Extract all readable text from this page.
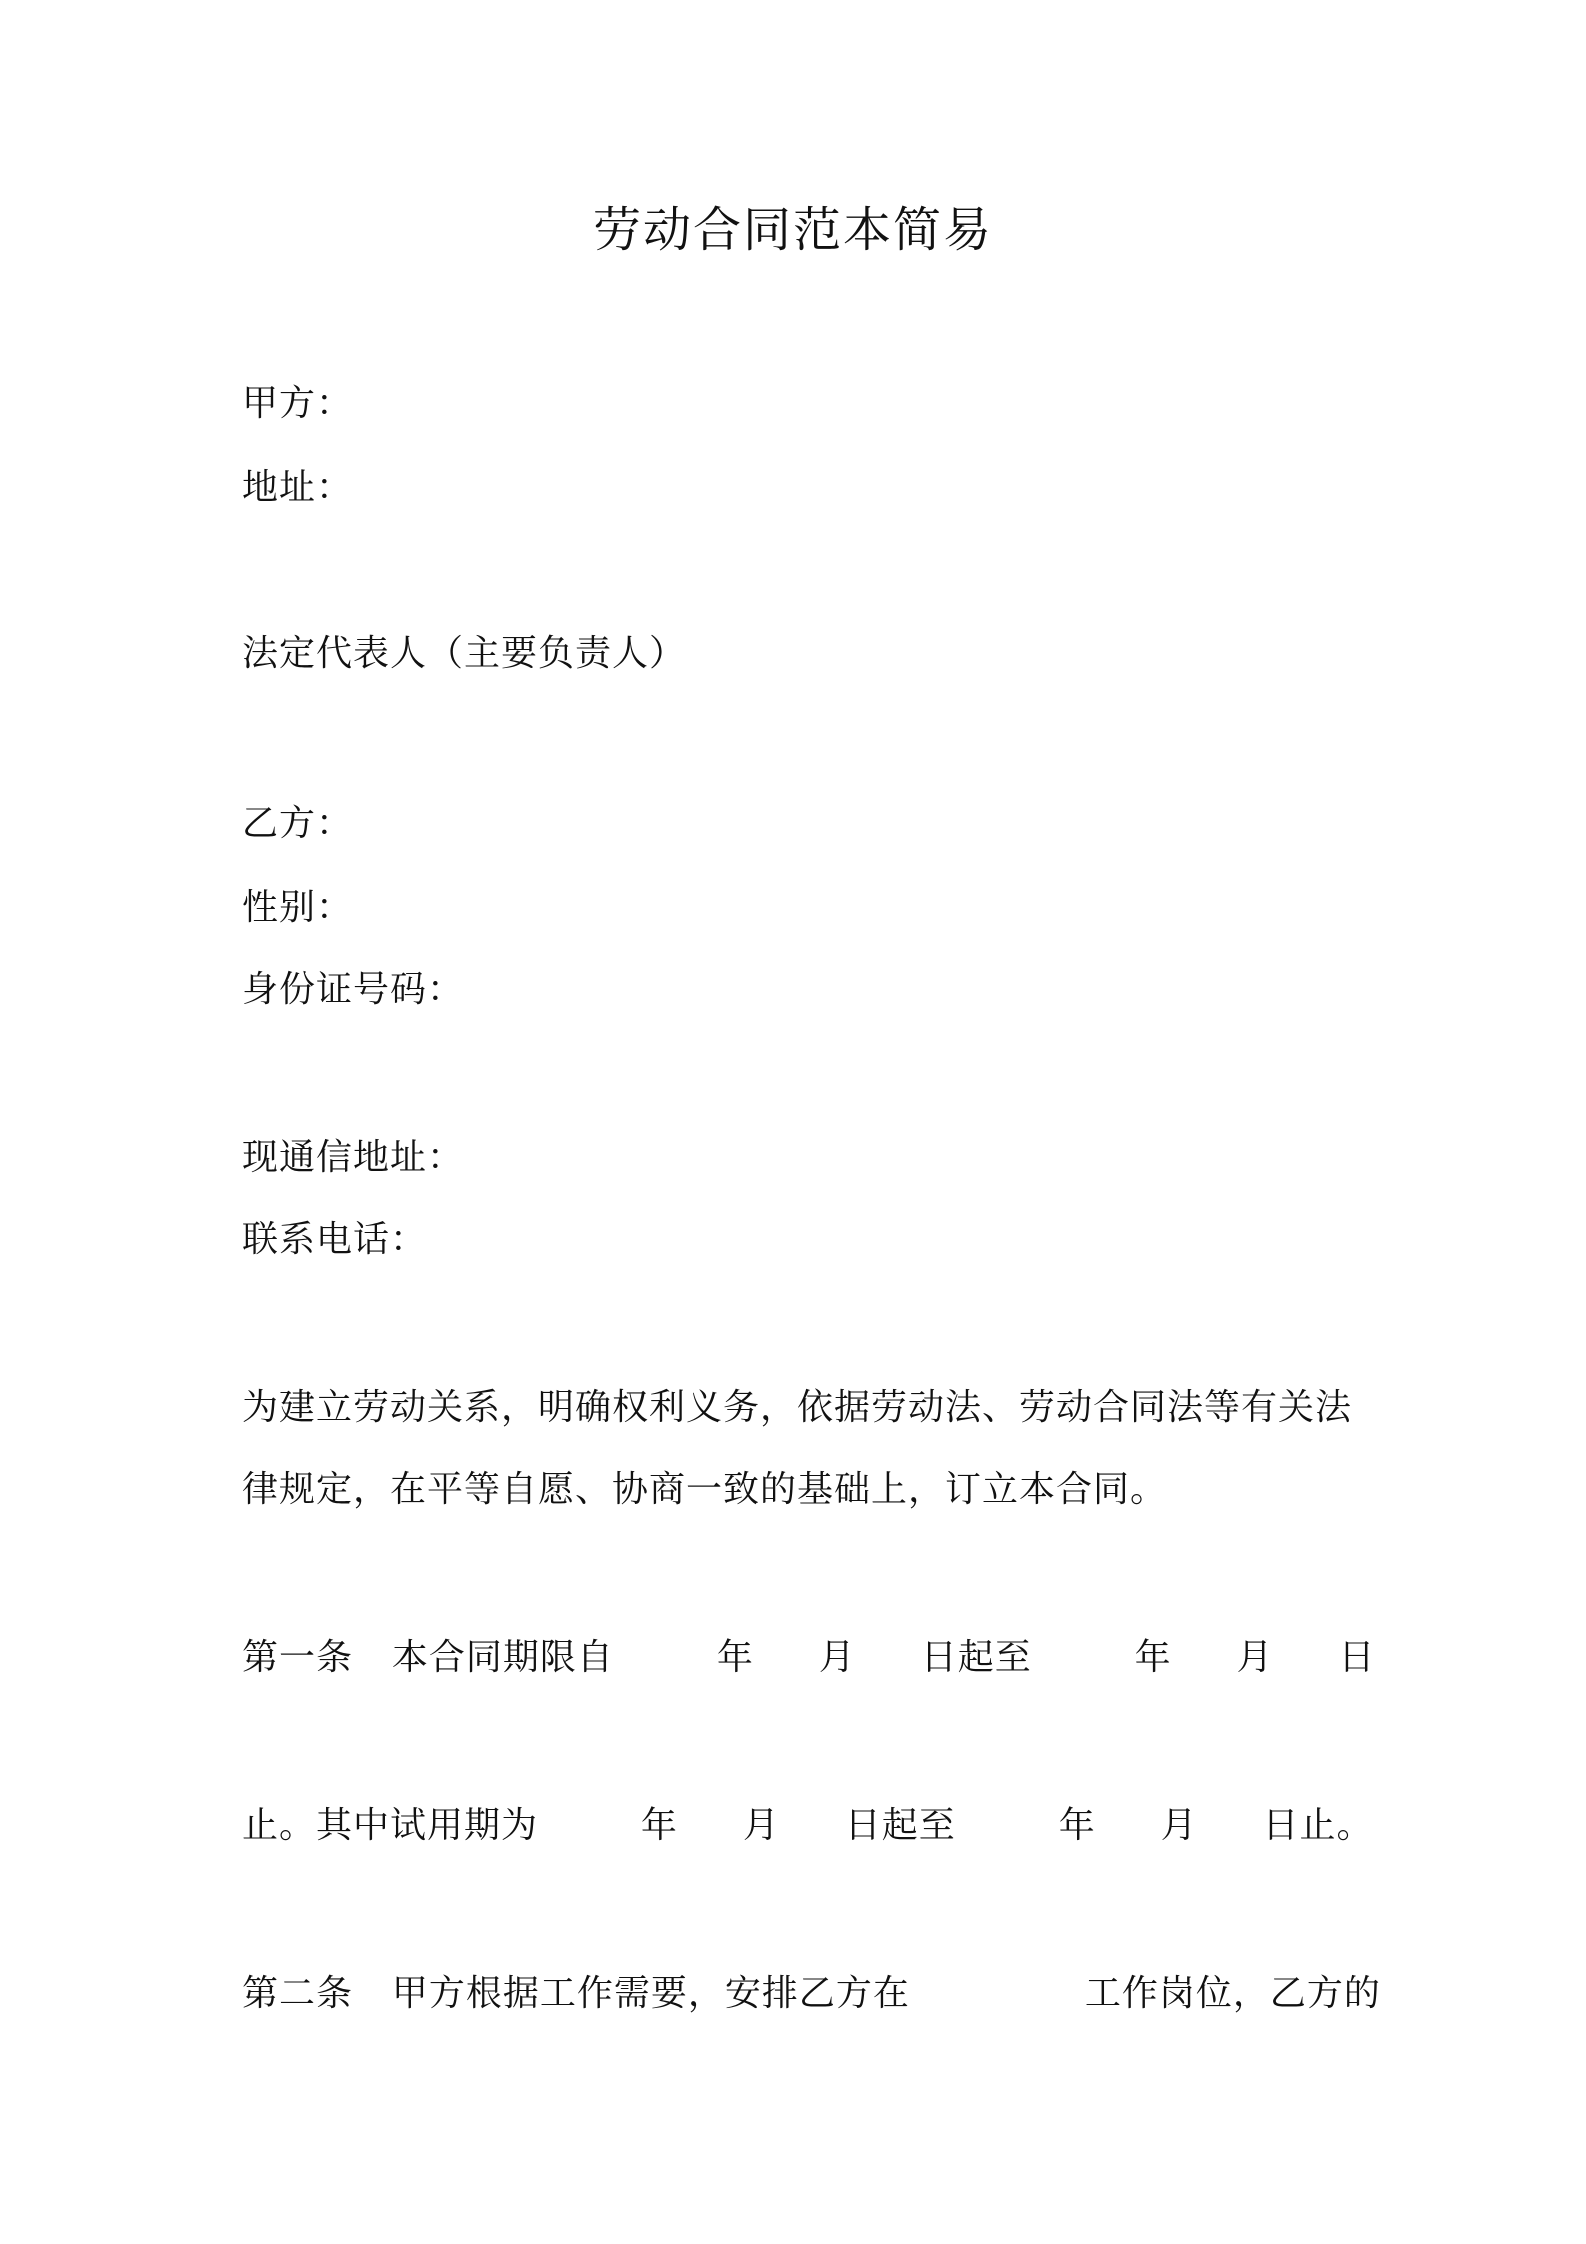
劳动合同范本简易
甲方：
地址：
法定代表人（主要负责人）
乙方：
性别：
身份证号码：
现通信地址：
联系电话：
为建立劳动关系，明确权利义务，依据劳动法、劳动合同法等有关法
律规定，在平等自愿、协商一致的基础上，订立本合同。
第一条 本合同期限自	年 月 日起至	年 月 日
止。其中试用期为	年 月 日起至	年 月 日止。
第二条 甲方根据工作需要，安排乙方在	工作岗位，乙方的
